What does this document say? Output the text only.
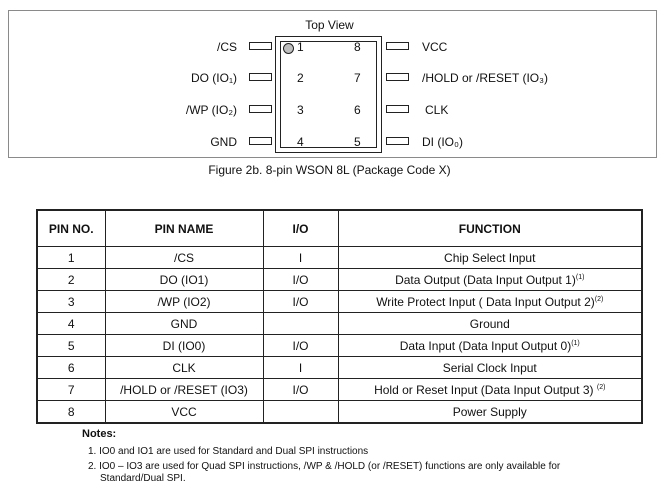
Top View
1
2
3
4
8
7
6
5
/CS
DO (IO₁)
/WP (IO₂)
GND
VCC
/HOLD or /RESET (IO₃)
CLK
DI (IO₀)
Figure 2b. 8-pin WSON 8L (Package Code X)
PIN NO.	PIN NAME	I/O	FUNCTION
1	/CS	I	Chip Select Input
2	DO (IO1)	I/O	Data Output (Data Input Output 1)$^{(1)}$
3	/WP (IO2)	I/O	Write Protect Input ( Data Input Output 2)$^{(2)}$
4	GND		Ground
5	DI (IO0)	I/O	Data Input (Data Input Output 0)$^{(1)}$
6	CLK	I	Serial Clock Input
7	/HOLD or /RESET (IO3)	I/O	Hold or Reset Input (Data Input Output 3) $^{(2)}$
8	VCC		Power Supply
Notes:
1. IO0 and IO1 are used for Standard and Dual SPI instructions
2. IO0 – IO3 are used for Quad SPI instructions, /WP & /HOLD (or /RESET) functions are only available for
Standard/Dual SPI.
